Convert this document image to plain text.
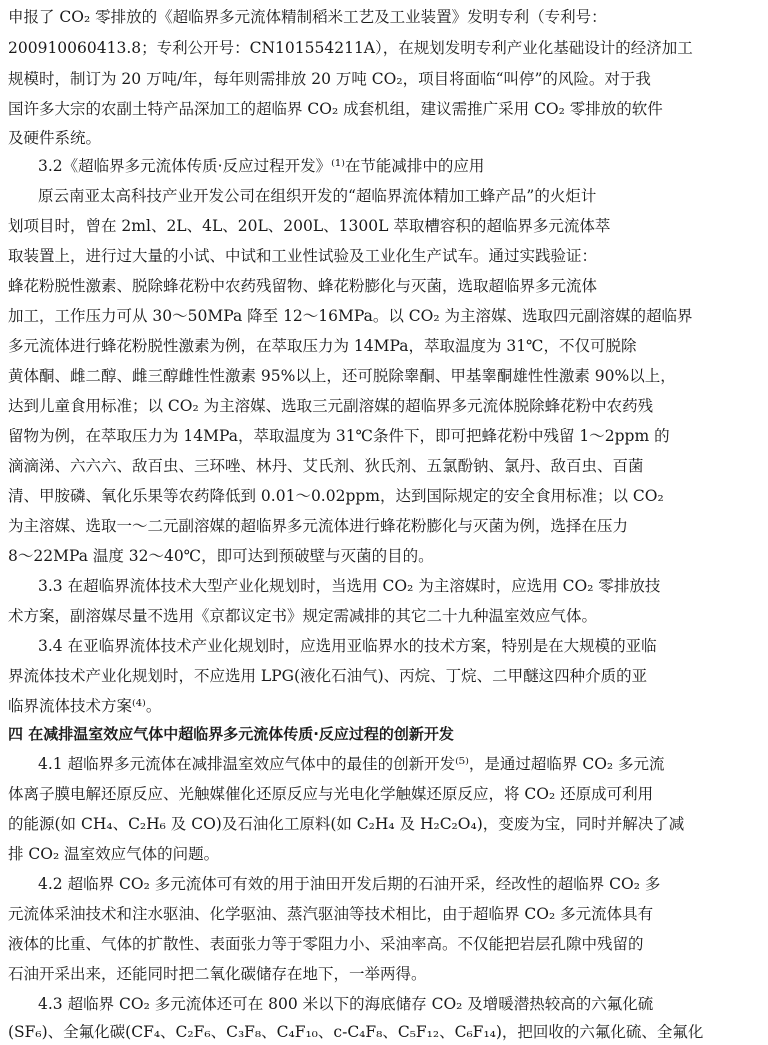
申报了 CO₂ 零排放的《超临界多元流体精制稻米工艺及工业装置》发明专利（专利号：
200910060413.8；专利公开号：CN101554211A），在规划发明专利产业化基础设计的经济加工
规模时，制订为 20 万吨/年，每年则需排放 20 万吨 CO₂，项目将面临“叫停”的风险。对于我
国许多大宗的农副土特产品深加工的超临界 CO₂ 成套机组，建议需推广采用 CO₂ 零排放的软件
及硬件系统。
3.2《超临界多元流体传质·反应过程开发》⁽¹⁾在节能减排中的应用
原云南亚太高科技产业开发公司在组织开发的“超临界流体精加工蜂产品”的火炬计
划项目时，曾在 2ml、2L、4L、20L、200L、1300L 萃取槽容积的超临界多元流体萃
取装置上，进行过大量的小试、中试和工业性试验及工业化生产试车。通过实践验证：
蜂花粉脱性激素、脱除蜂花粉中农药残留物、蜂花粉膨化与灭菌，选取超临界多元流体
加工，工作压力可从 30～50MPa 降至 12～16MPa。以 CO₂ 为主溶媒、选取四元副溶媒的超临界
多元流体进行蜂花粉脱性激素为例，在萃取压力为 14MPa，萃取温度为 31℃，不仅可脱除
黄体酮、雌二醇、雌三醇雌性性激素 95%以上，还可脱除睾酮、甲基睾酮雄性性激素 90%以上，
达到儿童食用标准；以 CO₂ 为主溶媒、选取三元副溶媒的超临界多元流体脱除蜂花粉中农药残
留物为例，在萃取压力为 14MPa，萃取温度为 31℃条件下，即可把蜂花粉中残留 1～2ppm 的
滴滴涕、六六六、敌百虫、三环唑、林丹、艾氏剂、狄氏剂、五氯酚钠、氯丹、敌百虫、百菌
清、甲胺磷、氧化乐果等农药降低到 0.01～0.02ppm，达到国际规定的安全食用标准；以 CO₂
为主溶媒、选取一～二元副溶媒的超临界多元流体进行蜂花粉膨化与灭菌为例，选择在压力
8～22MPa 温度 32～40℃，即可达到预破壁与灭菌的目的。
3.3 在超临界流体技术大型产业化规划时，当选用 CO₂ 为主溶媒时，应选用 CO₂ 零排放技
术方案，副溶媒尽量不选用《京都议定书》规定需减排的其它二十九种温室效应气体。
3.4 在亚临界流体技术产业化规划时，应选用亚临界水的技术方案，特别是在大规模的亚临
界流体技术产业化规划时，不应选用 LPG(液化石油气)、丙烷、丁烷、二甲醚这四种介质的亚
临界流体技术方案⁽⁴⁾。
四 在减排温室效应气体中超临界多元流体传质·反应过程的创新开发
4.1 超临界多元流体在减排温室效应气体中的最佳的创新开发⁽⁵⁾，是通过超临界 CO₂ 多元流
体离子膜电解还原反应、光触媒催化还原反应与光电化学触媒还原反应，将 CO₂ 还原成可利用
的能源(如 CH₄、C₂H₆ 及 CO)及石油化工原料(如 C₂H₄ 及 H₂C₂O₄)，变废为宝，同时并解决了减
排 CO₂ 温室效应气体的问题。
4.2 超临界 CO₂ 多元流体可有效的用于油田开发后期的石油开采，经改性的超临界 CO₂ 多
元流体采油技术和注水驱油、化学驱油、蒸汽驱油等技术相比，由于超临界 CO₂ 多元流体具有
液体的比重、气体的扩散性、表面张力等于零阻力小、采油率高。不仅能把岩层孔隙中残留的
石油开采出来，还能同时把二氧化碳储存在地下，一举两得。
4.3 超临界 CO₂ 多元流体还可在 800 米以下的海底储存 CO₂ 及增暖潜热较高的六氟化硫
(SF₆)、全氟化碳(CF₄、C₂F₆、C₃F₈、C₄F₁₀、c-C₄F₈、C₅F₁₂、C₆F₁₄)，把回收的六氟化硫、全氟化
